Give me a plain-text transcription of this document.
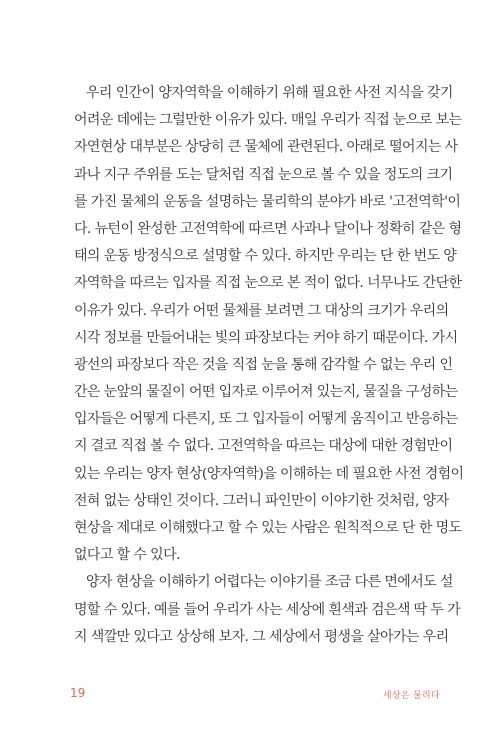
우리 인간이 양자역학을 이해하기 위해 필요한 사전 지식을 갖기
어려운 데에는 그럴만한 이유가 있다. 매일 우리가 직접 눈으로 보는
자연현상 대부분은 상당히 큰 물체에 관련된다. 아래로 떨어지는 사
과나 지구 주위를 도는 달처럼 직접 눈으로 볼 수 있을 정도의 크기
를 가진 물체의 운동을 설명하는 물리학의 분야가 바로 '고전역학'이
다. 뉴턴이 완성한 고전역학에 따르면 사과나 달이나 정확히 같은 형
태의 운동 방정식으로 설명할 수 있다. 하지만 우리는 단 한 번도 양
자역학을 따르는 입자를 직접 눈으로 본 적이 없다. 너무나도 간단한
이유가 있다. 우리가 어떤 물체를 보려면 그 대상의 크기가 우리의
시각 정보를 만들어내는 빛의 파장보다는 커야 하기 때문이다. 가시
광선의 파장보다 작은 것을 직접 눈을 통해 감각할 수 없는 우리 인
간은 눈앞의 물질이 어떤 입자로 이루어져 있는지, 물질을 구성하는
입자들은 어떻게 다른지, 또 그 입자들이 어떻게 움직이고 반응하는
지 결코 직접 볼 수 없다. 고전역학을 따르는 대상에 대한 경험만이
있는 우리는 양자 현상(양자역학)을 이해하는 데 필요한 사전 경험이
전혀 없는 상태인 것이다. 그러니 파인만이 이야기한 것처럼, 양자
현상을 제대로 이해했다고 할 수 있는 사람은 원칙적으로 단 한 명도
없다고 할 수 있다.
양자 현상을 이해하기 어렵다는 이야기를 조금 다른 면에서도 설
명할 수 있다. 예를 들어 우리가 사는 세상에 흰색과 검은색 딱 두 가
지 색깔만 있다고 상상해 보자. 그 세상에서 평생을 살아가는 우리
19	세상은 물리다
